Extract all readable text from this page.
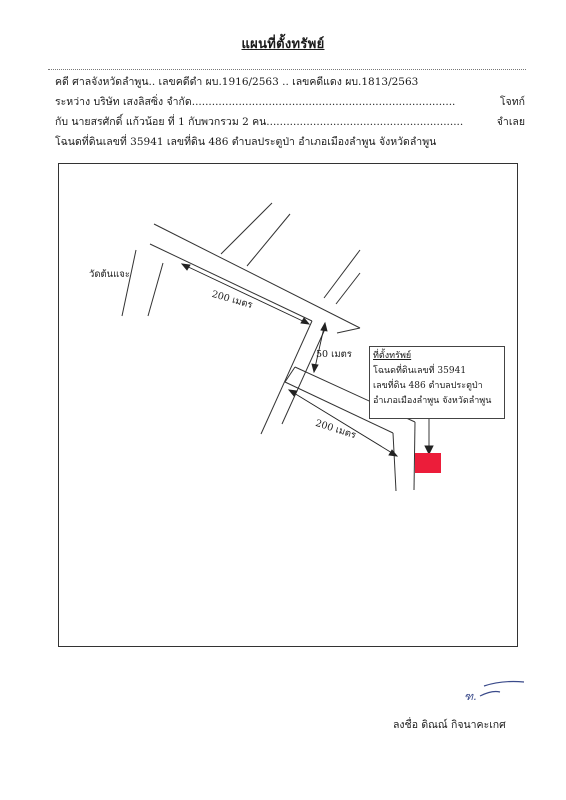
แผนที่ตั้งทรัพย์
คดี ศาลจังหวัดลำพูน.. เลขคดีดำ ผบ.1916/2563 .. เลขคดีแดง ผบ.1813/2563
ระหว่าง บริษัท เสงลิสซิ่ง จำกัด...............................................................................	โจทก์
กับ นายสรศักดิ์ แก้วน้อย ที่ 1 กับพวกรวม 2 คน...........................................................	จำเลย
โฉนดที่ดินเลขที่ 35941 เลขที่ดิน 486 ตำบลประตูป่า อำเภอเมืองลำพูน จังหวัดลำพูน
วัดต้นแจะ
200 เมตร
50 เมตร
200 เมตร
ที่ตั้งทรัพย์
โฉนดที่ดินเลขที่ 35941
เลขที่ดิน 486 ตำบลประตูป่า
อำเภอเมืองลำพูน จังหวัดลำพูน
ฑ.
ลงชื่อ ดิณณ์ กิจนาคะเกศ
